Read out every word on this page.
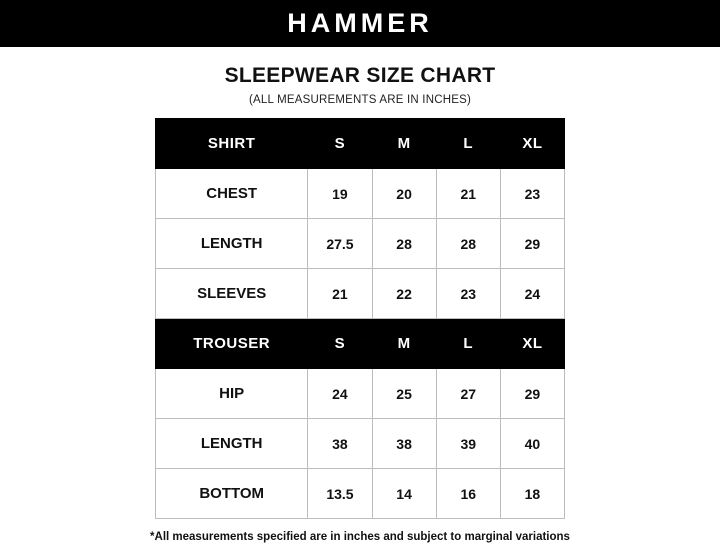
HAMMΕR
SLEEPWEAR SIZE CHART
(ALL MEASUREMENTS ARE IN INCHES)
SHIRT	S	M	L	XL
CHEST	19	20	21	23
LENGTH	27.5	28	28	29
SLEEVES	21	22	23	24
TROUSER	S	M	L	XL
HIP	24	25	27	29
LENGTH	38	38	39	40
BOTTOM	13.5	14	16	18
*All measurements specified are in inches and subject to marginal variations
